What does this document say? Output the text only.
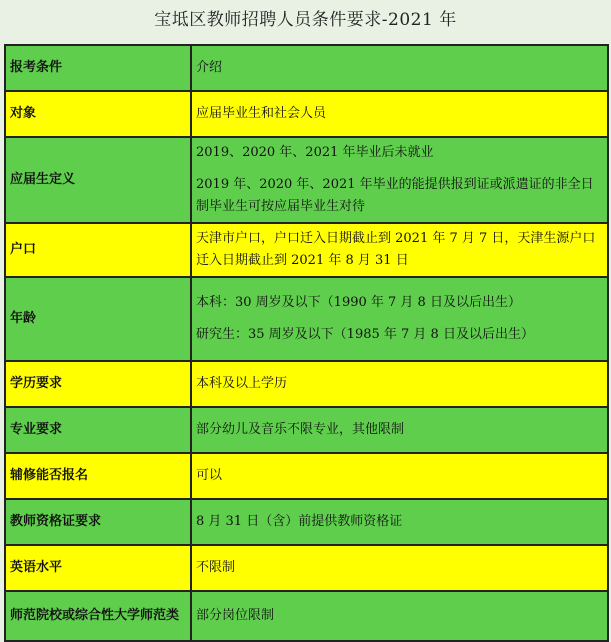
宝坻区教师招聘人员条件要求-2021 年
报考条件	介绍

对象	应届毕业生和社会人员

应届生定义	2019、2020 年、2021 年毕业后未就业
2019 年、2020 年、2021 年毕业的能提供报到证或派遣证的非全日制毕业生可按应届毕业生对待

户口	天津市户口，户口迁入日期截止到 2021 年 7 月 7 日，天津生源户口迁入日期截止到 2021 年 8 月 31 日

年龄	本科：30 周岁及以下（1990 年 7 月 8 日及以后出生）
研究生：35 周岁及以下（1985 年 7 月 8 日及以后出生）

学历要求	本科及以上学历

专业要求	部分幼儿及音乐不限专业，其他限制

辅修能否报名	可以

教师资格证要求	8 月 31 日（含）前提供教师资格证

英语水平	不限制

师范院校或综合性大学师范类	部分岗位限制
